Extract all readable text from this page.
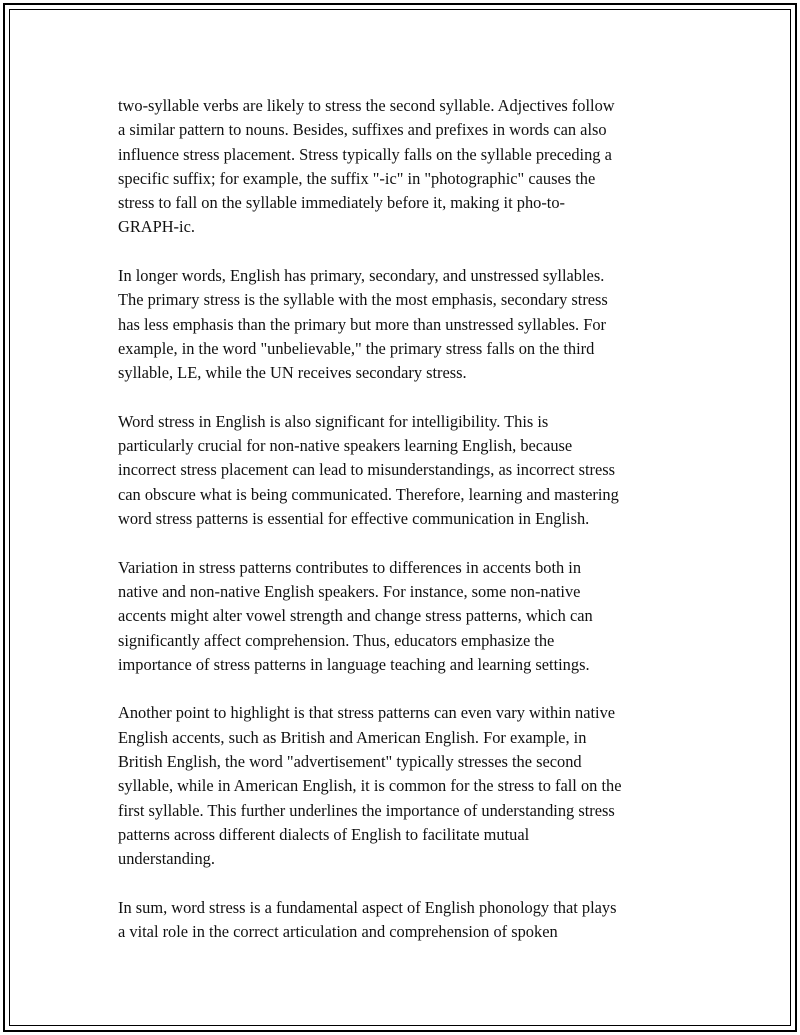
two-syllable verbs are likely to stress the second syllable. Adjectives follow
a similar pattern to nouns. Besides, suffixes and prefixes in words can also
influence stress placement. Stress typically falls on the syllable preceding a
specific suffix; for example, the suffix "-ic" in "photographic" causes the
stress to fall on the syllable immediately before it, making it pho-to-
GRAPH-ic.

In longer words, English has primary, secondary, and unstressed syllables.
The primary stress is the syllable with the most emphasis, secondary stress
has less emphasis than the primary but more than unstressed syllables. For
example, in the word "unbelievable," the primary stress falls on the third
syllable, LE, while the UN receives secondary stress.

Word stress in English is also significant for intelligibility. This is
particularly crucial for non-native speakers learning English, because
incorrect stress placement can lead to misunderstandings, as incorrect stress
can obscure what is being communicated. Therefore, learning and mastering
word stress patterns is essential for effective communication in English.

Variation in stress patterns contributes to differences in accents both in
native and non-native English speakers. For instance, some non-native
accents might alter vowel strength and change stress patterns, which can
significantly affect comprehension. Thus, educators emphasize the
importance of stress patterns in language teaching and learning settings.

Another point to highlight is that stress patterns can even vary within native
English accents, such as British and American English. For example, in
British English, the word "advertisement" typically stresses the second
syllable, while in American English, it is common for the stress to fall on the
first syllable. This further underlines the importance of understanding stress
patterns across different dialects of English to facilitate mutual
understanding.

In sum, word stress is a fundamental aspect of English phonology that plays
a vital role in the correct articulation and comprehension of spoken
